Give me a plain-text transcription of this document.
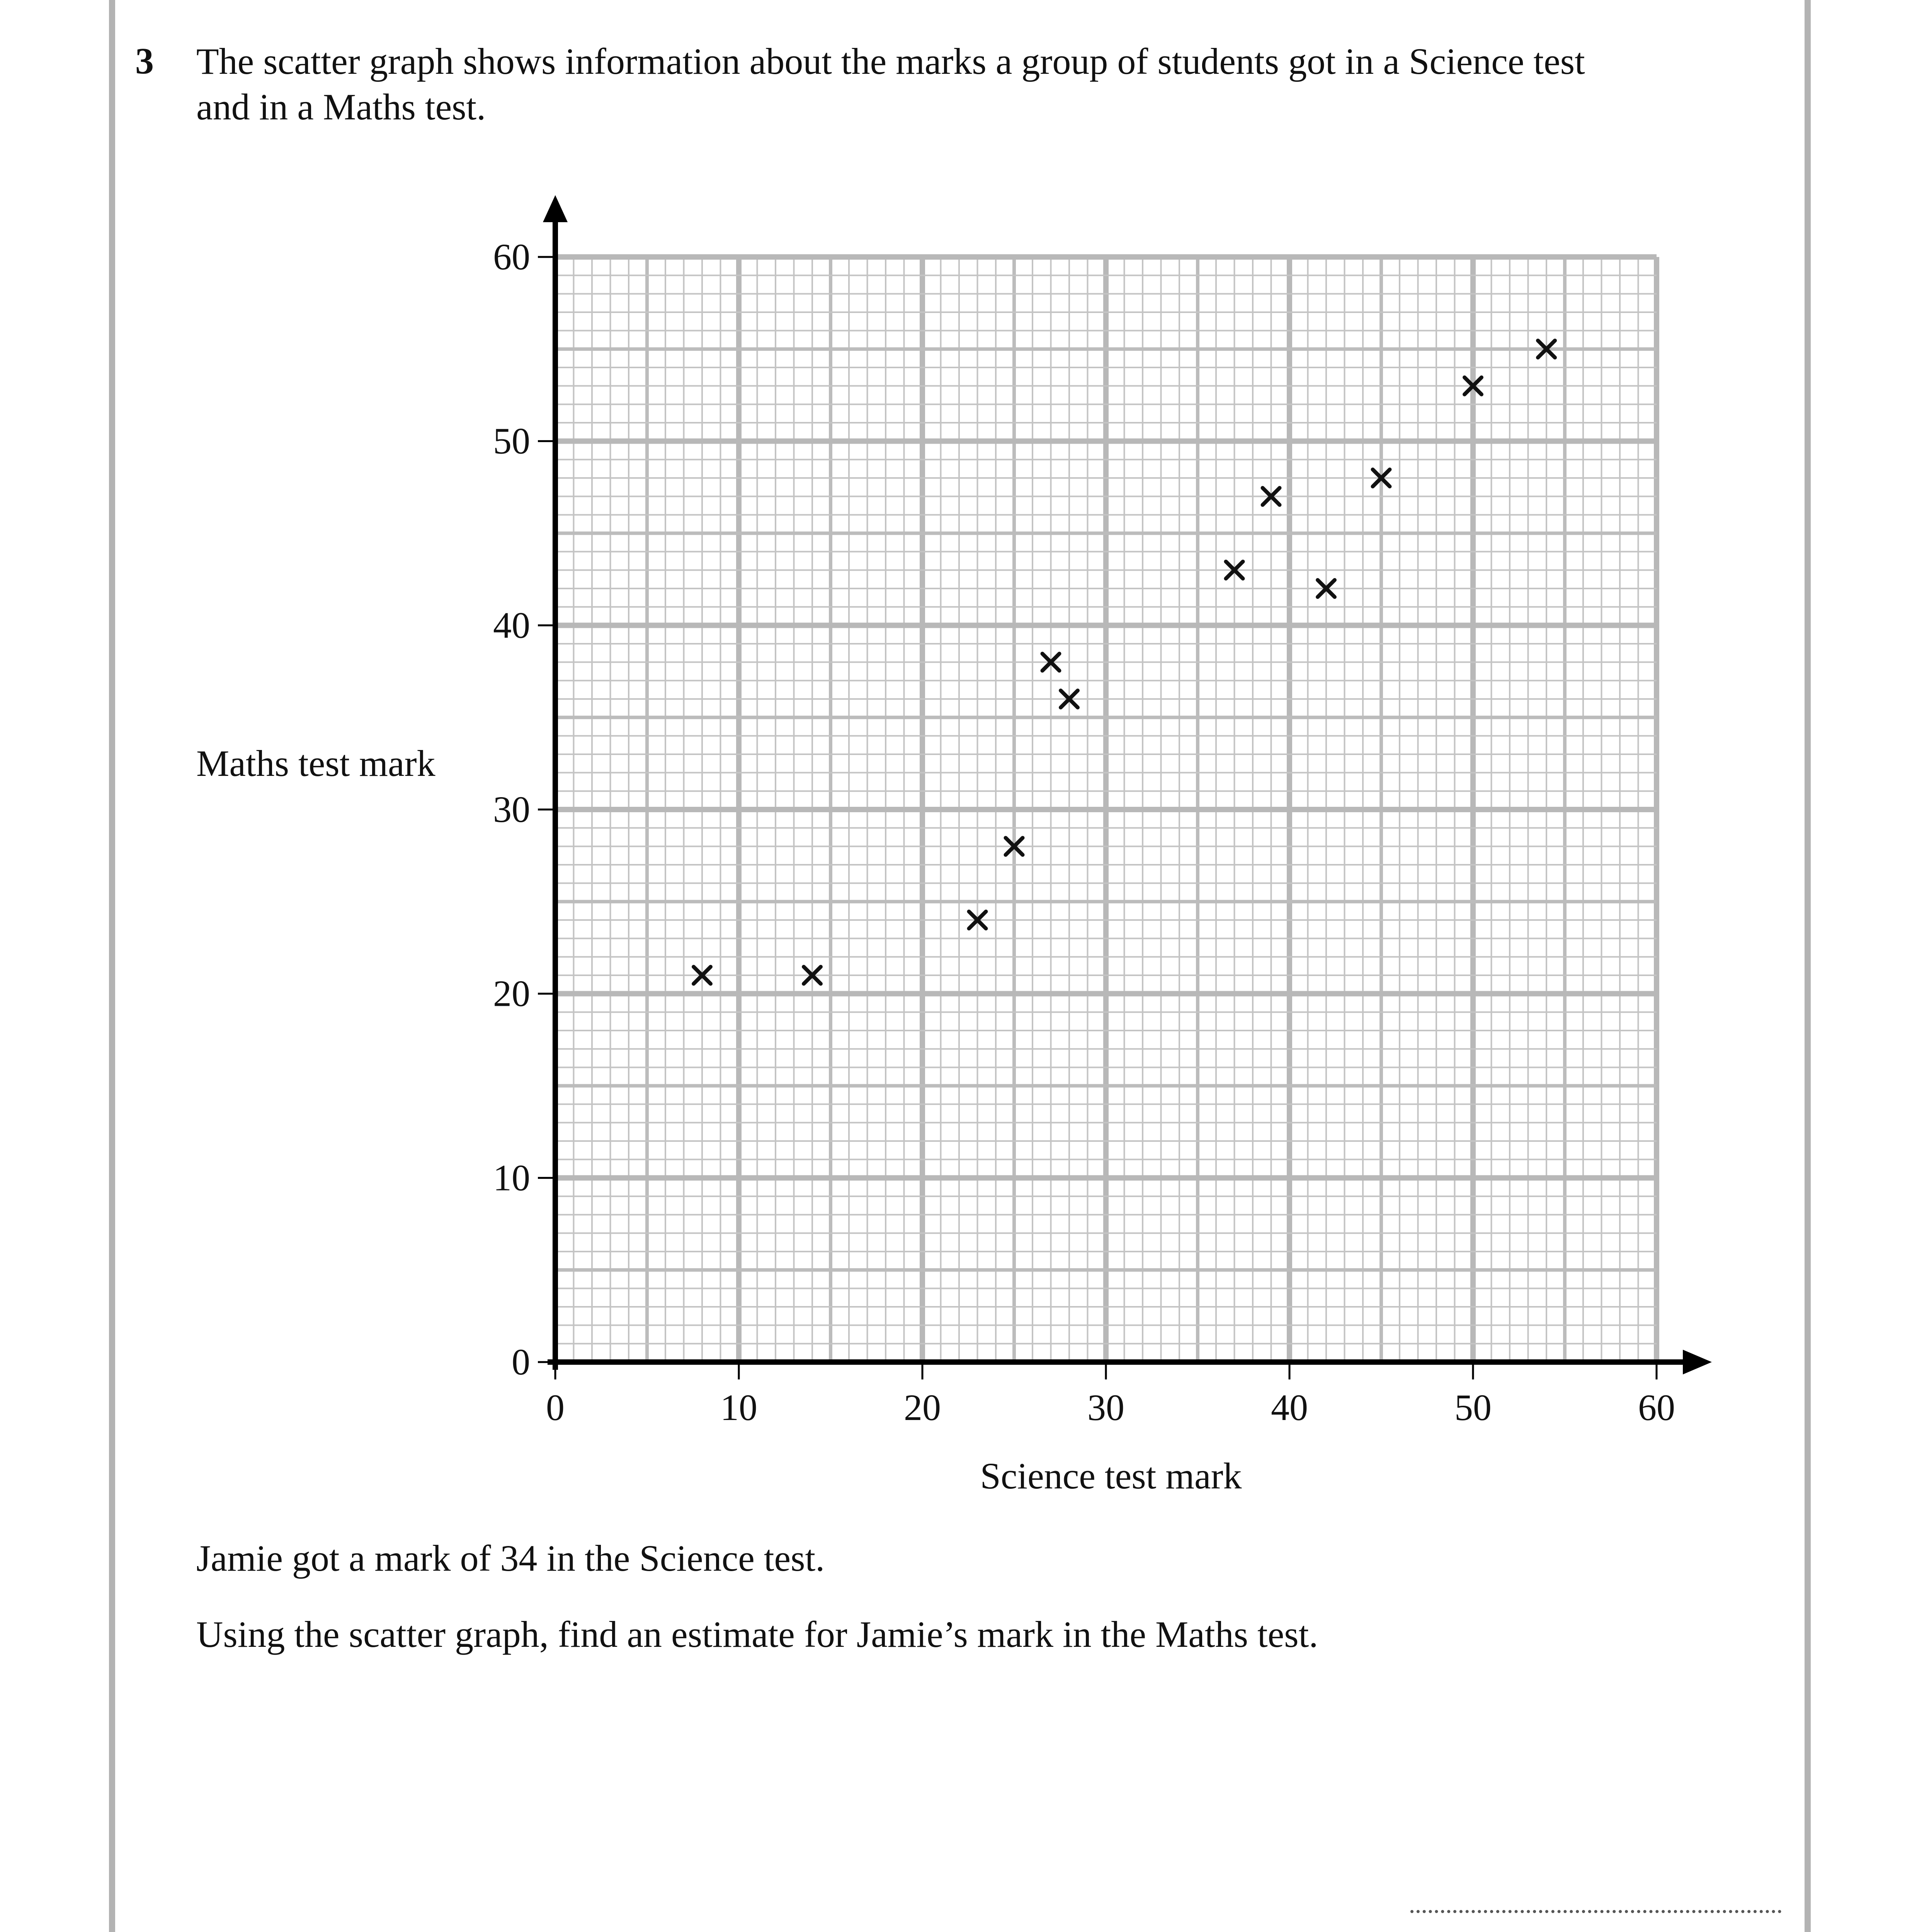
3 The scatter graph shows information about the marks a group of students got in a Science test and in a Maths test.
Maths test mark
Science test mark
0
10
20
30
40
50
60
0	10	20	30	40	50	60
Jamie got a mark of 34 in the Science test.
Using the scatter graph, find an estimate for Jamie’s mark in the Maths test.
